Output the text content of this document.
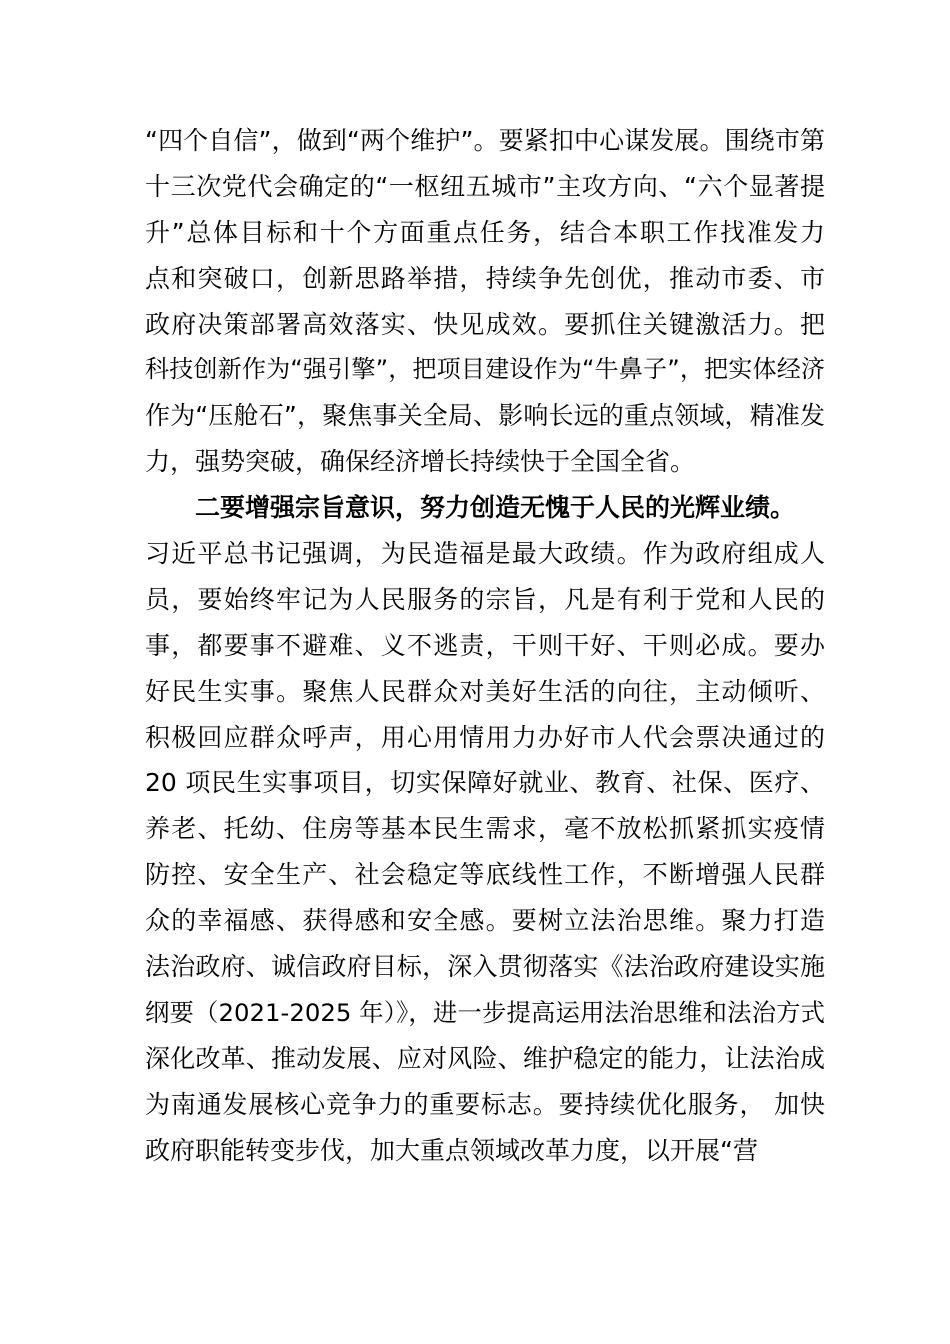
“四个自信”，做到“两个维护”。要紧扣中心谋发展。围绕市第
十三次党代会确定的“一枢纽五城市”主攻方向、“六个显著提
升”总体目标和十个方面重点任务，结合本职工作找准发力
点和突破口，创新思路举措，持续争先创优，推动市委、市
政府决策部署高效落实、快见成效。要抓住关键激活力。把
科技创新作为“强引擎”，把项目建设作为“牛鼻子”，把实体经济
作为“压舱石”，聚焦事关全局、影响长远的重点领域，精准发
力，强势突破，确保经济增长持续快于全国全省。
二要增强宗旨意识，努力创造无愧于人民的光辉业绩。
习近平总书记强调，为民造福是最大政绩。作为政府组成人
员，要始终牢记为人民服务的宗旨，凡是有利于党和人民的
事，都要事不避难、义不逃责，干则干好、干则必成。要办
好民生实事。聚焦人民群众对美好生活的向往，主动倾听、
积极回应群众呼声，用心用情用力办好市人代会票决通过的
20 项民生实事项目，切实保障好就业、教育、社保、医疗、
养老、托幼、住房等基本民生需求，毫不放松抓紧抓实疫情
防控、安全生产、社会稳定等底线性工作，不断增强人民群
众的幸福感、获得感和安全感。要树立法治思维。聚力打造
法治政府、诚信政府目标，深入贯彻落实《法治政府建设实施
纲要（2021-2025 年）》，进一步提高运用法治思维和法治方式
深化改革、推动发展、应对风险、维护稳定的能力，让法治成
为南通发展核心竞争力的重要标志。要持续优化服务， 加快
政府职能转变步伐，加大重点领域改革力度，以开展“营
